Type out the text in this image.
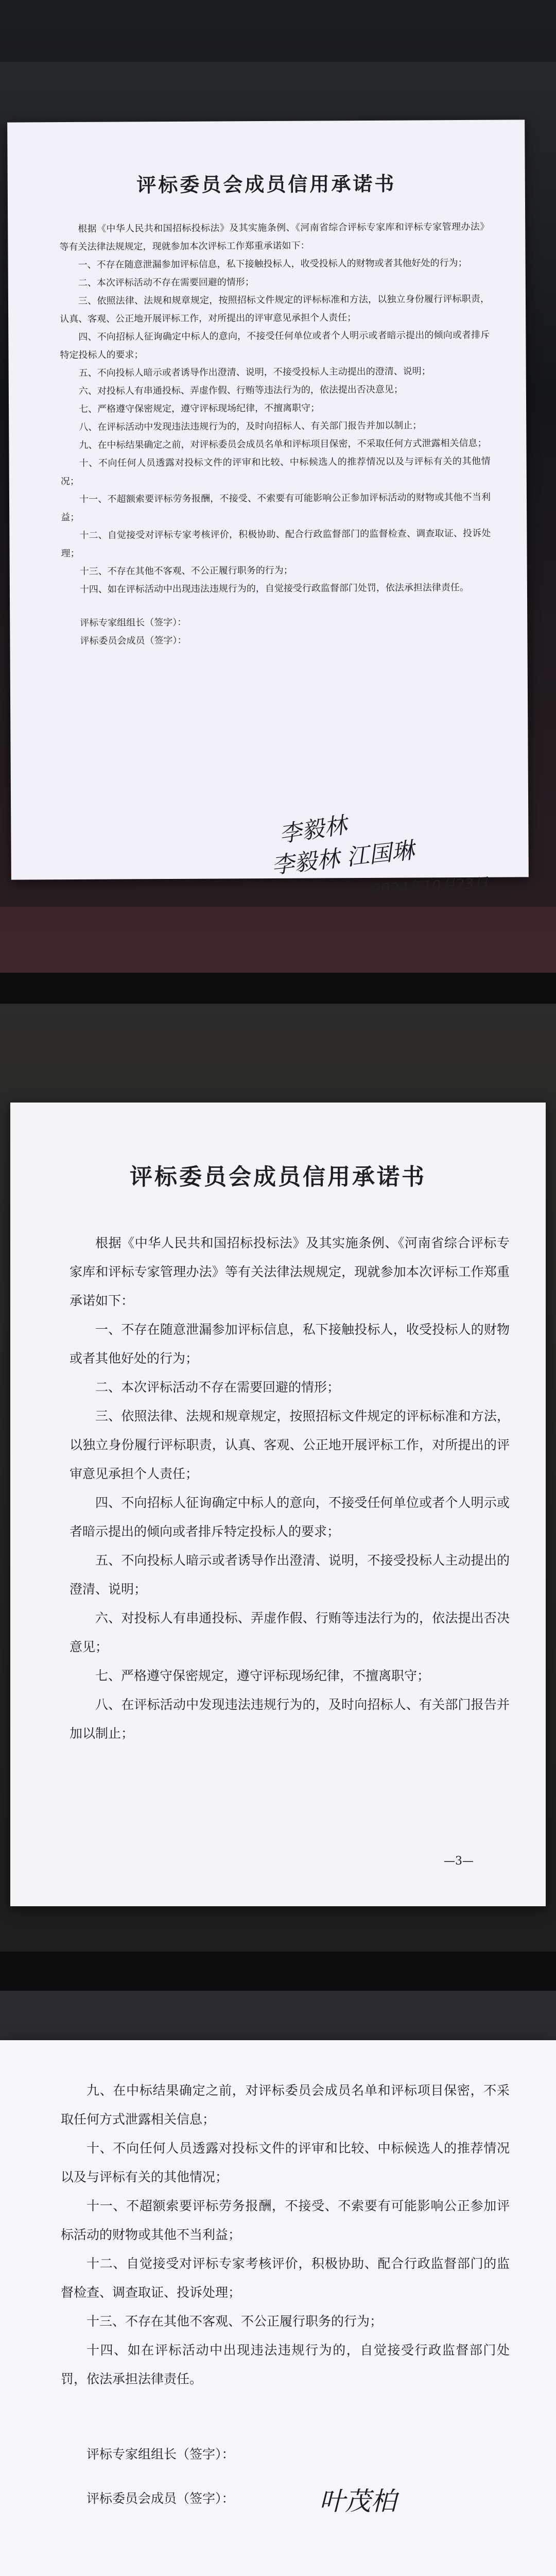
评标委员会成员信用承诺书

根据《中华人民共和国招标投标法》及其实施条例、《河南省综合评标专家库和评标专家管理办法》等有关法律法规规定，现就参加本次评标工作郑重承诺如下：

一、不存在随意泄漏参加评标信息，私下接触投标人，收受投标人的财物或者其他好处的行为；

二、本次评标活动不存在需要回避的情形；

三、依照法律、法规和规章规定，按照招标文件规定的评标标准和方法，以独立身份履行评标职责，认真、客观、公正地开展评标工作，对所提出的评审意见承担个人责任；

四、不向招标人征询确定中标人的意向，不接受任何单位或者个人明示或者暗示提出的倾向或者排斥特定投标人的要求；

五、不向投标人暗示或者诱导作出澄清、说明，不接受投标人主动提出的澄清、说明；

六、对投标人有串通投标、弄虚作假、行贿等违法行为的，依法提出否决意见；

七、严格遵守保密规定，遵守评标现场纪律，不擅离职守；

八、在评标活动中发现违法违规行为的，及时向招标人、有关部门报告并加以制止；

九、在中标结果确定之前，对评标委员会成员名单和评标项目保密，不采取任何方式泄露相关信息；

十、不向任何人员透露对投标文件的评审和比较、中标候选人的推荐情况以及与评标有关的其他情况；

十一、不超额索要评标劳务报酬，不接受、不索要有可能影响公正参加评标活动的财物或其他不当利益；

十二、自觉接受对评标专家考核评价，积极协助、配合行政监督部门的监督检查、调查取证、投诉处理；

十三、不存在其他不客观、不公正履行职务的行为；

十四、如在评标活动中出现违法违规行为的，自觉接受行政监督部门处罚，依法承担法律责任。

评标专家组组长（签字）：

评标委员会成员（签字）：

李毅林
李毅林 江国琳
2024年10月23日
评标委员会成员信用承诺书

根据《中华人民共和国招标投标法》及其实施条例、《河南省综合评标专家库和评标专家管理办法》等有关法律法规规定，现就参加本次评标工作郑重承诺如下：

一、不存在随意泄漏参加评标信息，私下接触投标人，收受投标人的财物或者其他好处的行为；

二、本次评标活动不存在需要回避的情形；

三、依照法律、法规和规章规定，按照招标文件规定的评标标准和方法，以独立身份履行评标职责，认真、客观、公正地开展评标工作，对所提出的评审意见承担个人责任；

四、不向招标人征询确定中标人的意向，不接受任何单位或者个人明示或者暗示提出的倾向或者排斥特定投标人的要求；

五、不向投标人暗示或者诱导作出澄清、说明，不接受投标人主动提出的澄清、说明；

六、对投标人有串通投标、弄虚作假、行贿等违法行为的，依法提出否决意见；

七、严格遵守保密规定，遵守评标现场纪律，不擅离职守；

八、在评标活动中发现违法违规行为的，及时向招标人、有关部门报告并加以制止；

—3—

九、在中标结果确定之前，对评标委员会成员名单和评标项目保密，不采取任何方式泄露相关信息；

十、不向任何人员透露对投标文件的评审和比较、中标候选人的推荐情况以及与评标有关的其他情况；

十一、不超额索要评标劳务报酬，不接受、不索要有可能影响公正参加评标活动的财物或其他不当利益；

十二、自觉接受对评标专家考核评价，积极协助、配合行政监督部门的监督检查、调查取证、投诉处理；

十三、不存在其他不客观、不公正履行职务的行为；

十四、如在评标活动中出现违法违规行为的，自觉接受行政监督部门处罚，依法承担法律责任。

评标专家组组长（签字）：

评标委员会成员（签字）：	叶茂柏
